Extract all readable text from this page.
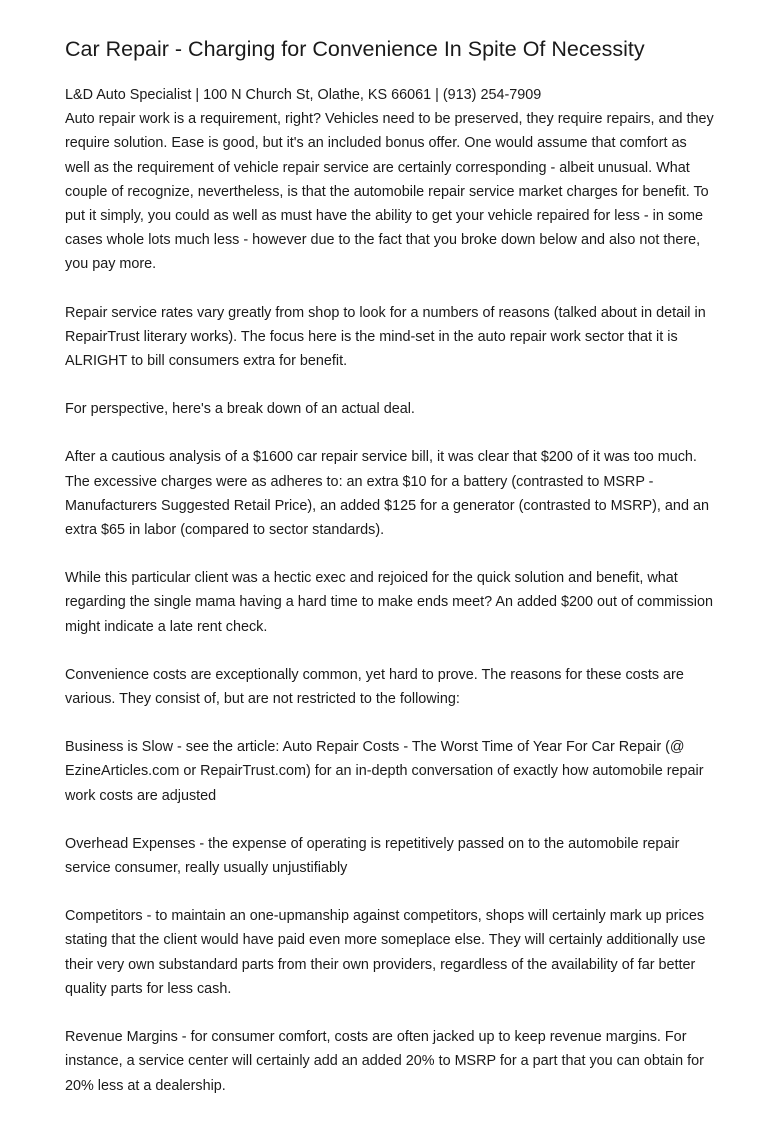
Car Repair - Charging for Convenience In Spite Of Necessity
L&D Auto Specialist | 100 N Church St, Olathe, KS 66061 | (913) 254-7909
Auto repair work is a requirement, right? Vehicles need to be preserved, they require repairs, and they require solution. Ease is good, but it's an included bonus offer. One would assume that comfort as well as the requirement of vehicle repair service are certainly corresponding - albeit unusual. What couple of recognize, nevertheless, is that the automobile repair service market charges for benefit. To put it simply, you could as well as must have the ability to get your vehicle repaired for less - in some cases whole lots much less - however due to the fact that you broke down below and also not there, you pay more.

Repair service rates vary greatly from shop to look for a numbers of reasons (talked about in detail in RepairTrust literary works). The focus here is the mind-set in the auto repair work sector that it is ALRIGHT to bill consumers extra for benefit.

For perspective, here's a break down of an actual deal.

After a cautious analysis of a $1600 car repair service bill, it was clear that $200 of it was too much. The excessive charges were as adheres to: an extra $10 for a battery (contrasted to MSRP - Manufacturers Suggested Retail Price), an added $125 for a generator (contrasted to MSRP), and an extra $65 in labor (compared to sector standards).

While this particular client was a hectic exec and rejoiced for the quick solution and benefit, what regarding the single mama having a hard time to make ends meet? An added $200 out of commission might indicate a late rent check.

Convenience costs are exceptionally common, yet hard to prove. The reasons for these costs are various. They consist of, but are not restricted to the following:

Business is Slow - see the article: Auto Repair Costs - The Worst Time of Year For Car Repair (@ EzineArticles.com or RepairTrust.com) for an in-depth conversation of exactly how automobile repair work costs are adjusted

Overhead Expenses - the expense of operating is repetitively passed on to the automobile repair service consumer, really usually unjustifiably

Competitors - to maintain an one-upmanship against competitors, shops will certainly mark up prices stating that the client would have paid even more someplace else. They will certainly additionally use their very own substandard parts from their own providers, regardless of the availability of far better quality parts for less cash.

Revenue Margins - for consumer comfort, costs are often jacked up to keep revenue margins. For instance, a service center will certainly add an added 20% to MSRP for a part that you can obtain for 20% less at a dealership.
